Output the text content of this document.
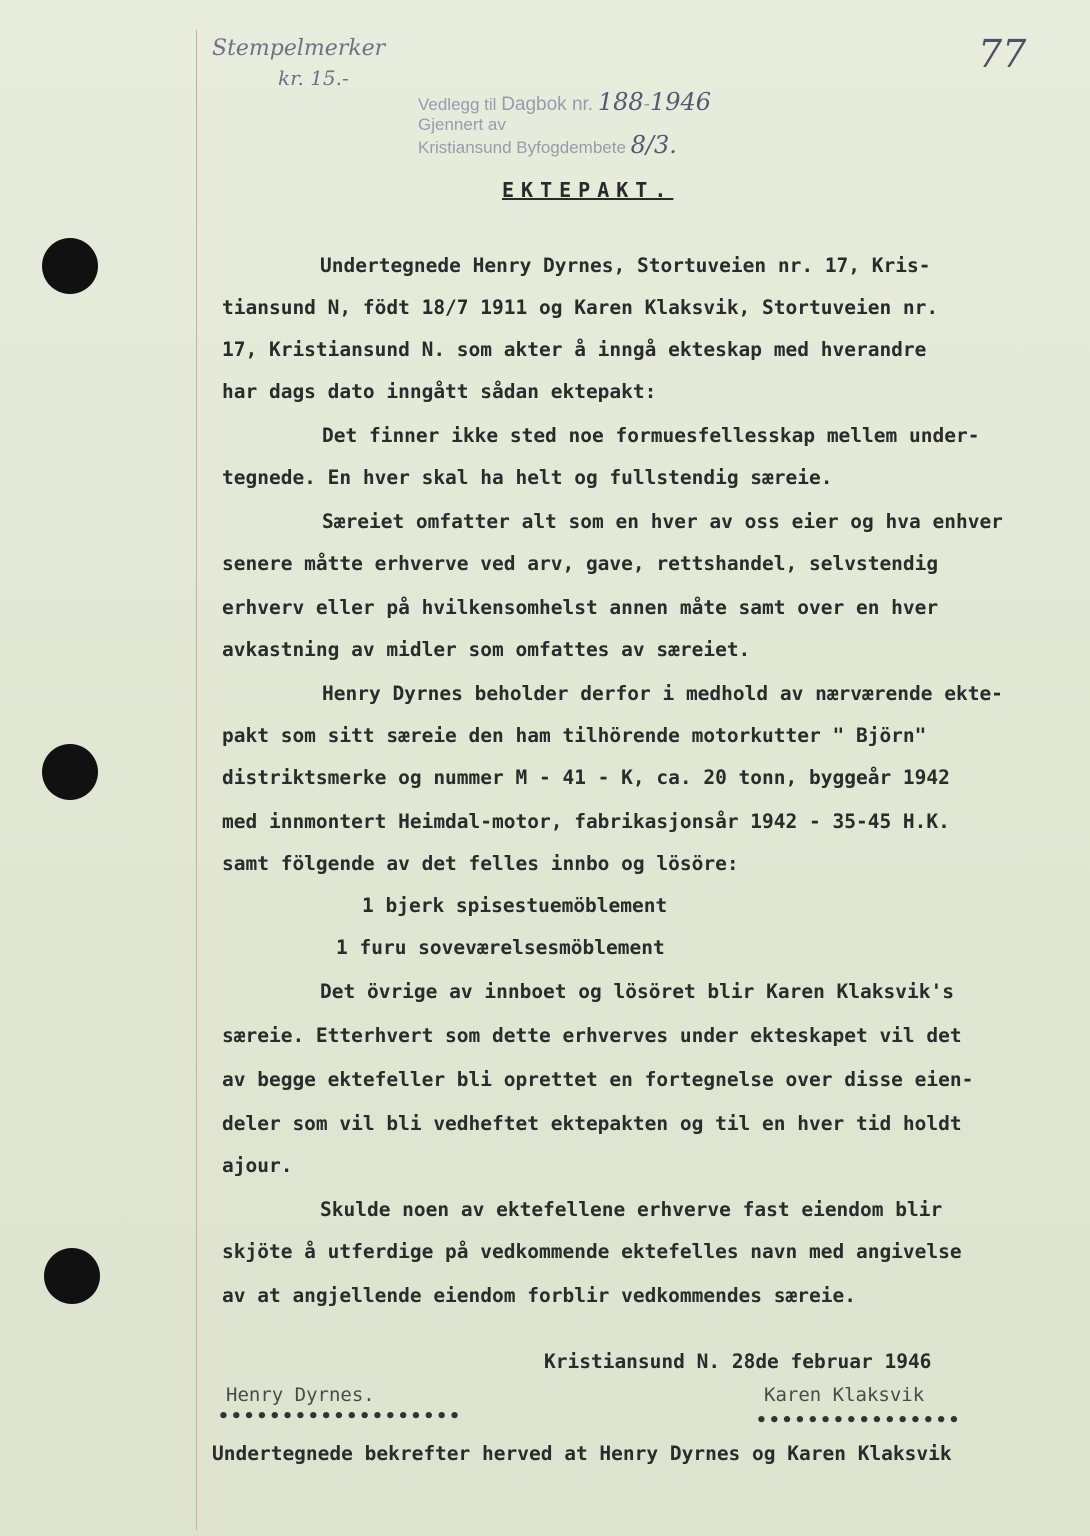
Stempelmerker
kr. 15.-
77
Vedlegg til Dagbok nr. 188-1946
Gjennert av
Kristiansund Byfogdembete 8/3.
EKTEPAKT.
Undertegnede Henry Dyrnes, Stortuveien nr. 17, Kris-
tiansund N, födt 18/7 1911 og Karen Klaksvik, Stortuveien nr.
17, Kristiansund N. som akter å inngå ekteskap med hverandre
har dags dato inngått sådan ektepakt:
Det finner ikke sted noe formuesfellesskap mellem under-
tegnede. En hver skal ha helt og fullstendig særeie.
Særeiet omfatter alt som en hver av oss eier og hva enhver
senere måtte erhverve ved arv, gave, rettshandel, selvstendig
erhverv eller på hvilkensomhelst annen måte samt over en hver
avkastning av midler som omfattes av særeiet.
Henry Dyrnes beholder derfor i medhold av nærværende ekte-
pakt som sitt særeie den ham tilhörende motorkutter " Björn"
distriktsmerke og nummer M - 41 - K, ca. 20 tonn, byggeår 1942
med innmontert Heimdal-motor, fabrikasjonsår 1942 - 35-45 H.K.
samt fölgende av det felles innbo og lösöre:
1 bjerk spisestuemöblement
1 furu soveværelsesmöblement
Det övrige av innboet og lösöret blir Karen Klaksvik's
særeie. Etterhvert som dette erhverves under ekteskapet vil det
av begge ektefeller bli oprettet en fortegnelse over disse eien-
deler som vil bli vedheftet ektepakten og til en hver tid holdt
ajour.
Skulde noen av ektefellene erhverve fast eiendom blir
skjöte å utferdige på vedkommende ektefelles navn med angivelse
av at angjellende eiendom forblir vedkommendes særeie.
Kristiansund N. 28de februar 1946
Henry Dyrnes.	Karen Klaksvik
•••••••••••••••••••	••••••••••••••••
Undertegnede bekrefter herved at Henry Dyrnes og Karen Klaksvik
